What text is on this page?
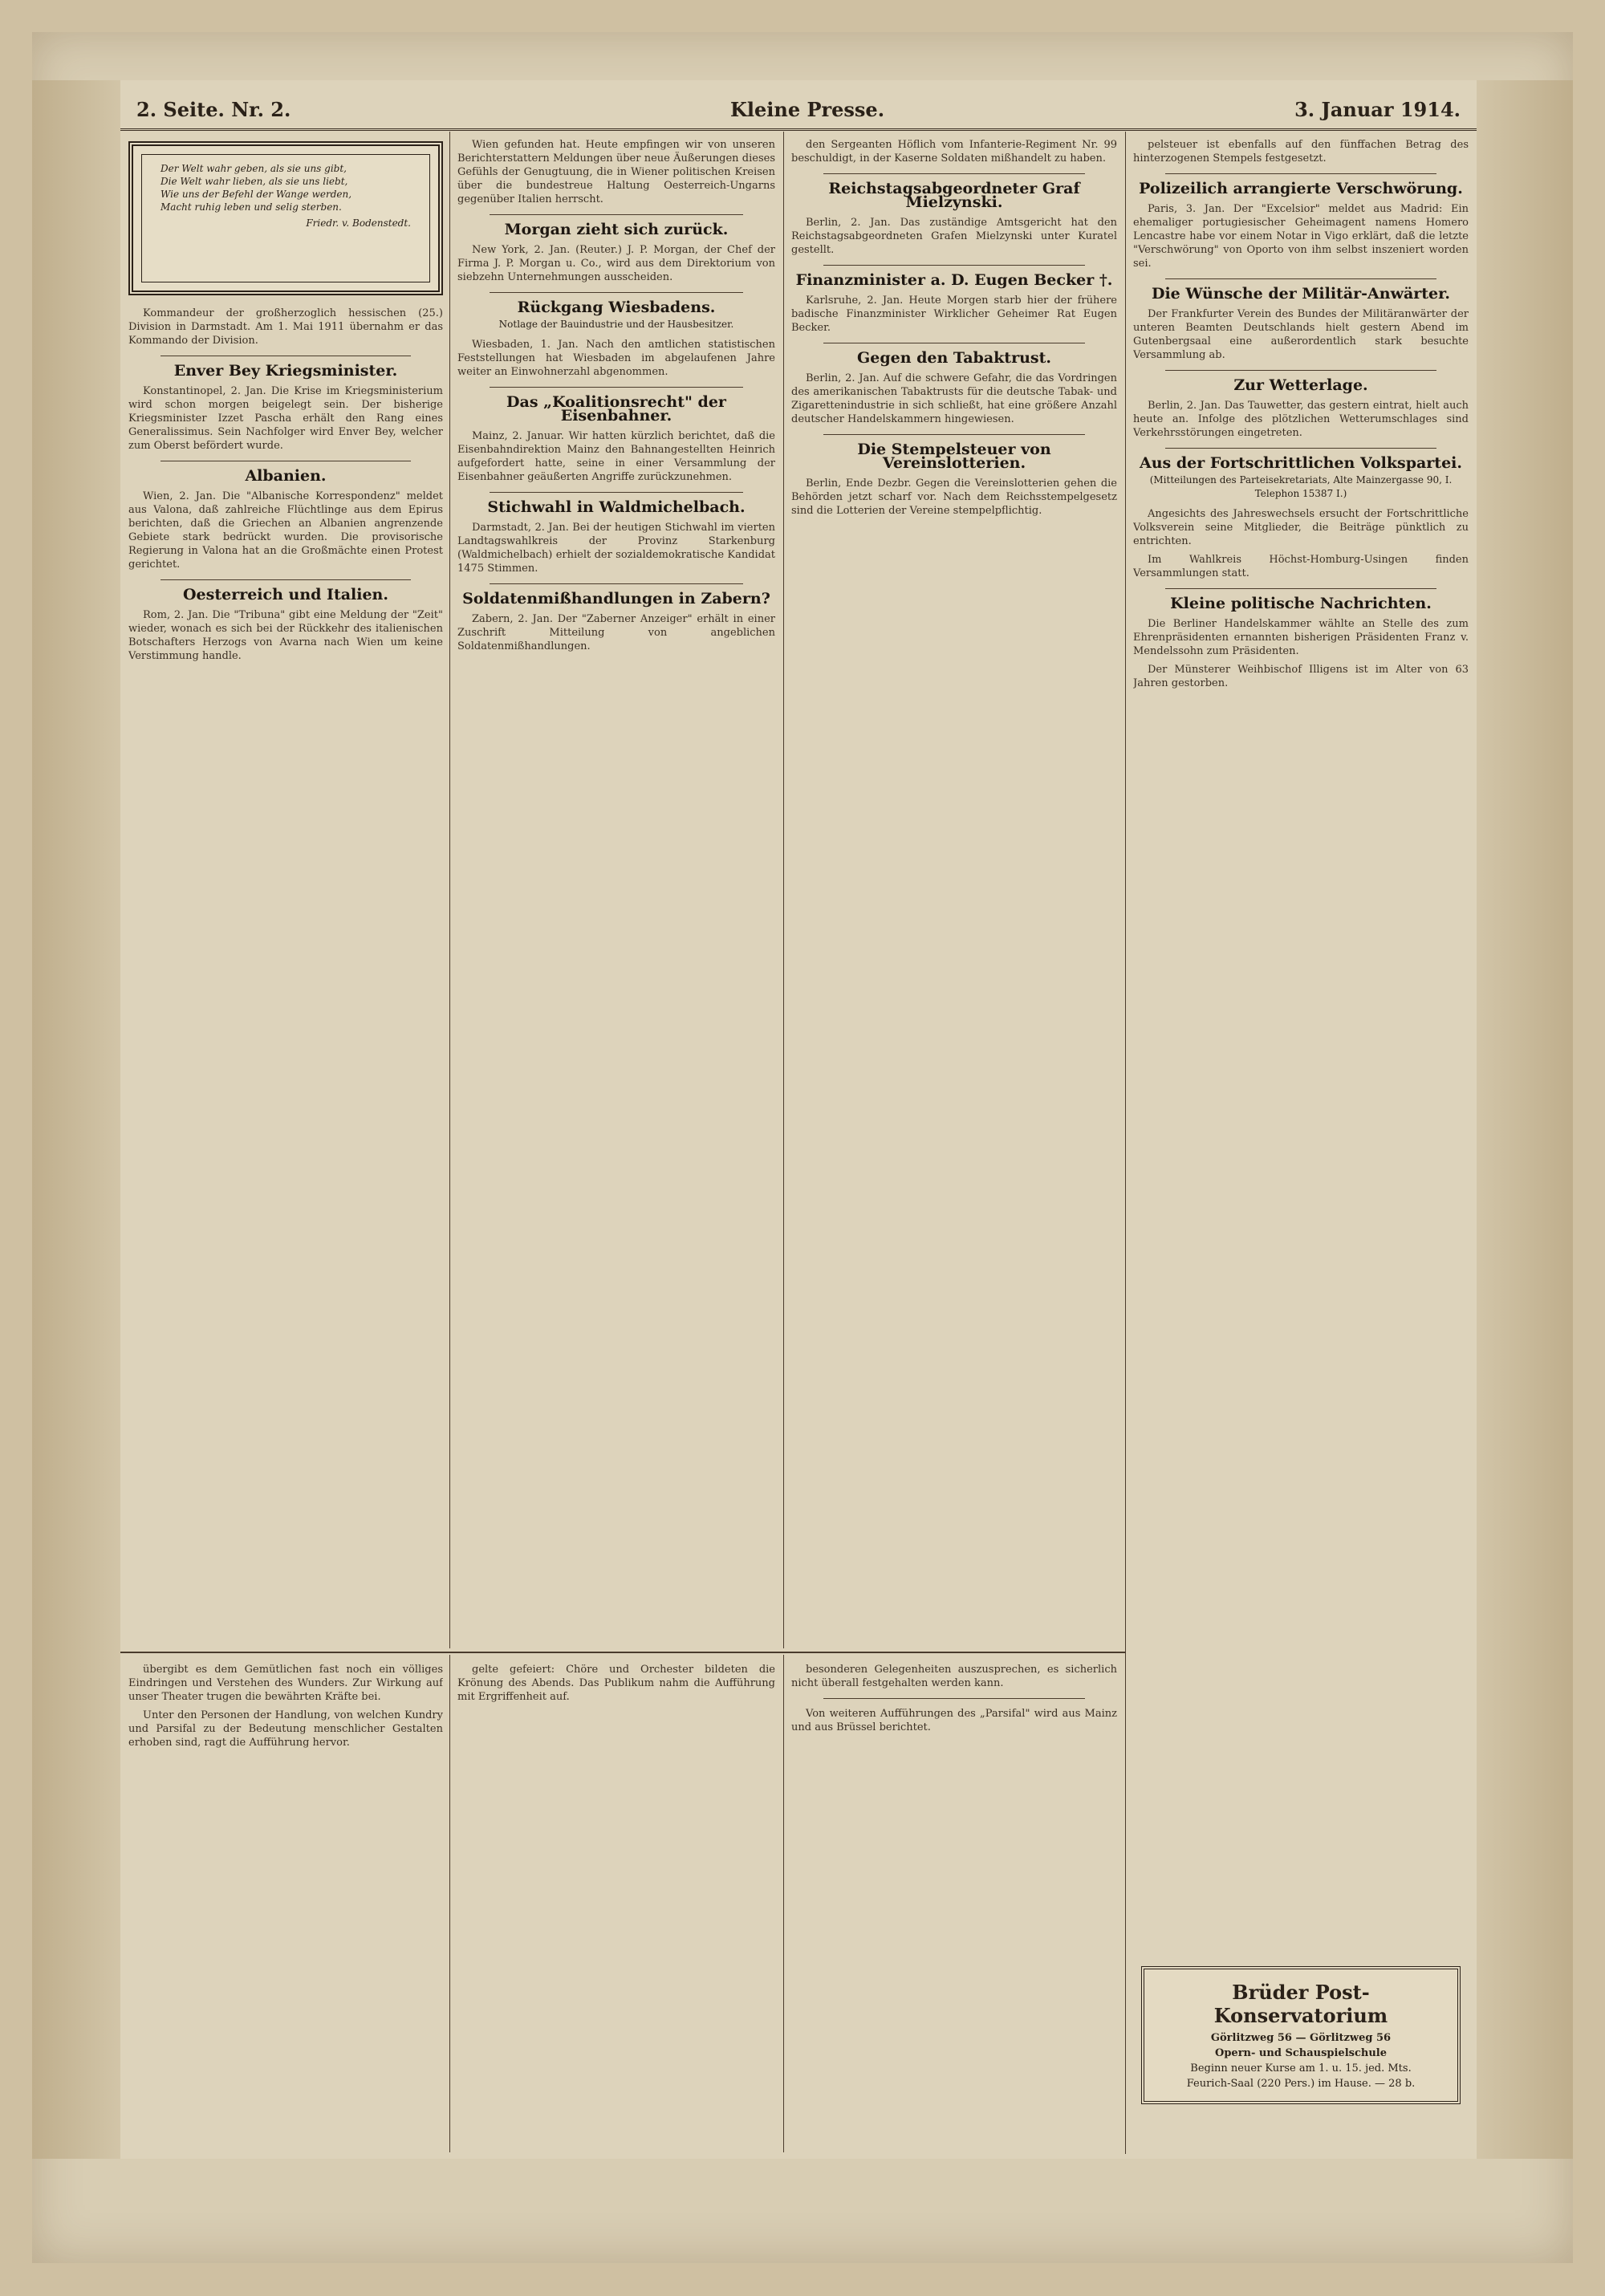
2. Seite. Nr. 2.	Kleine Presse.	3. Januar 1914.
Der Welt wahr geben, als sie uns gibt,
Die Welt wahr lieben, als sie uns liebt,
Wie uns der Befehl der Wange werden,
Macht ruhig leben und selig sterben.
Friedr. v. Bodenstedt.

Kommandeur der großherzoglich hessischen (25.) Division in Darmstadt. Am 1. Mai 1911 übernahm er das Kommando der Division.

Enver Bey Kriegsminister.

Konstantinopel, 2. Jan. Die Krise im Kriegsministerium wird schon morgen beigelegt sein. Der bisherige Kriegsminister Izzet Pascha erhält den Rang eines Generalissimus. Sein Nachfolger wird Enver Bey, welcher zum Oberst befördert wurde.

Albanien.

Wien, 2. Jan. Die "Albanische Korrespondenz" meldet aus Valona, daß zahlreiche Flüchtlinge aus dem Epirus berichten, daß die Griechen an Albanien angrenzende Gebiete stark bedrückt wurden. Die provisorische Regierung in Valona hat an die Großmächte einen Protest gerichtet.

Oesterreich und Italien.

Rom, 2. Jan. Die "Tribuna" gibt eine Meldung der "Zeit" wieder, wonach es sich bei der Rückkehr des italienischen Botschafters Herzogs von Avarna nach Wien um keine Verstimmung handle.

Wien gefunden hat. Heute empfingen wir von unseren Berichterstattern Meldungen über neue Äußerungen dieses Gefühls der Genugtuung, die in Wiener politischen Kreisen über die bundestreue Haltung Oesterreich-Ungarns gegenüber Italien herrscht.

Morgan zieht sich zurück.

New York, 2. Jan. (Reuter.) J. P. Morgan, der Chef der Firma J. P. Morgan u. Co., wird aus dem Direktorium von siebzehn Unternehmungen ausscheiden.

Rückgang Wiesbadens.
Notlage der Bauindustrie und der Hausbesitzer.

Wiesbaden, 1. Jan. Nach den amtlichen statistischen Feststellungen hat Wiesbaden im abgelaufenen Jahre weiter an Einwohnerzahl abgenommen.

Das „Koalitionsrecht" der Eisenbahner.

Mainz, 2. Januar. Wir hatten kürzlich berichtet, daß die Eisenbahndirektion Mainz den Bahnangestellten Heinrich aufgefordert hatte, seine in einer Versammlung der Eisenbahner geäußerten Angriffe zurückzunehmen.

Stichwahl in Waldmichelbach.

Darmstadt, 2. Jan. Bei der heutigen Stichwahl im vierten Landtagswahlkreis der Provinz Starkenburg (Waldmichelbach) erhielt der sozialdemokratische Kandidat 1475 Stimmen.

Soldatenmißhandlungen in Zabern?

Zabern, 2. Jan. Der "Zaberner Anzeiger" erhält in einer Zuschrift Mitteilung von angeblichen Soldatenmißhandlungen.

den Sergeanten Höflich vom Infanterie-Regiment Nr. 99 beschuldigt, in der Kaserne Soldaten mißhandelt zu haben.

Reichstagsabgeordneter Graf Mielzynski.

Berlin, 2. Jan. Das zuständige Amtsgericht hat den Reichstagsabgeordneten Grafen Mielzynski unter Kuratel gestellt.

Finanzminister a. D. Eugen Becker †.

Karlsruhe, 2. Jan. Heute Morgen starb hier der frühere badische Finanzminister Wirklicher Geheimer Rat Eugen Becker.

Gegen den Tabaktrust.

Berlin, 2. Jan. Auf die schwere Gefahr, die das Vordringen des amerikanischen Tabaktrusts für die deutsche Tabak- und Zigarettenindustrie in sich schließt, hat eine größere Anzahl deutscher Handelskammern hingewiesen.

Die Stempelsteuer von Vereinslotterien.

Berlin, Ende Dezbr. Gegen die Vereinslotterien gehen die Behörden jetzt scharf vor. Nach dem Reichsstempelgesetz sind die Lotterien der Vereine stempelpflichtig.

pelsteuer ist ebenfalls auf den fünffachen Betrag des hinterzogenen Stempels festgesetzt.

Polizeilich arrangierte Verschwörung.

Paris, 3. Jan. Der "Excelsior" meldet aus Madrid: Ein ehemaliger portugiesischer Geheimagent namens Homero Lencastre habe vor einem Notar in Vigo erklärt, daß die letzte "Verschwörung" von Oporto von ihm selbst inszeniert worden sei.

Die Wünsche der Militär-Anwärter.

Der Frankfurter Verein des Bundes der Militäranwärter der unteren Beamten Deutschlands hielt gestern Abend im Gutenbergsaal eine außerordentlich stark besuchte Versammlung ab.

Zur Wetterlage.

Berlin, 2. Jan. Das Tauwetter, das gestern eintrat, hielt auch heute an. Infolge des plötzlichen Wetterumschlages sind Verkehrsstörungen eingetreten.

Aus der Fortschrittlichen Volkspartei.
(Mitteilungen des Parteisekretariats, Alte Mainzergasse 90, I. Telephon 15387 I.)

Angesichts des Jahreswechsels ersucht der Fortschrittliche Volksverein seine Mitglieder, die Beiträge pünktlich zu entrichten.

Im Wahlkreis Höchst-Homburg-Usingen finden Versammlungen statt.

Kleine politische Nachrichten.

Die Berliner Handelskammer wählte an Stelle des zum Ehrenpräsidenten ernannten bisherigen Präsidenten Franz v. Mendelssohn zum Präsidenten.

Der Münsterer Weihbischof Illigens ist im Alter von 63 Jahren gestorben.

übergibt es dem Gemütlichen fast noch ein völliges Eindringen und Verstehen des Wunders. Zur Wirkung auf unser Theater trugen die bewährten Kräfte bei.

Unter den Personen der Handlung, von welchen Kundry und Parsifal zu der Bedeutung menschlicher Gestalten erhoben sind, ragt die Aufführung hervor.

gelte gefeiert: Chöre und Orchester bildeten die Krönung des Abends. Das Publikum nahm die Aufführung mit Ergriffenheit auf.

besonderen Gelegenheiten auszusprechen, es sicherlich nicht überall festgehalten werden kann.

Von weiteren Aufführungen des „Parsifal" wird aus Mainz und aus Brüssel berichtet.

Brüder Post-Konservatorium
Görlitzweg 56 — Görlitzweg 56
Opern- und Schauspielschule
Beginn neuer Kurse am 1. u. 15. jed. Mts.
Feurich-Saal (220 Pers.) im Hause. — 28 b.
